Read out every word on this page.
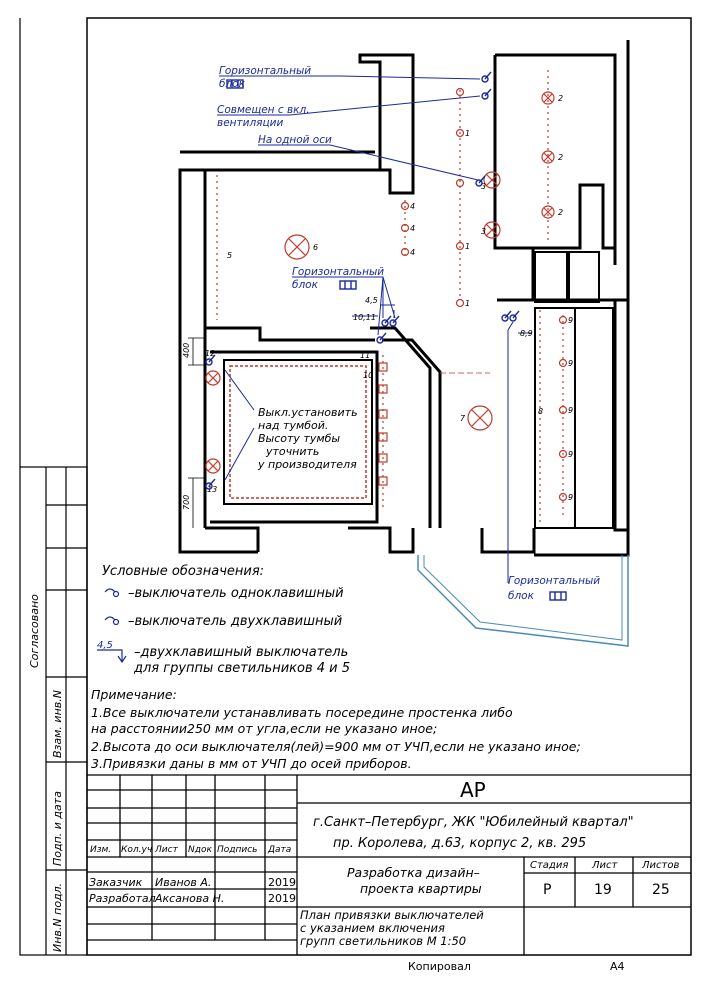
6
7
5
3
3
2
2
2
4
4
4
1
1
1
8
9
9
9
9
9
12
13
11
10
Горизонтальный
блок
Совмещен с вкл.
вентиляции
На одной оси
Горизонтальный
блок
Горизонтальный
блок
Выкл.установить
над тумбой.
Высоту тумбы
уточнить
у производителя
400
700
4,5
10,11
8,9
Условные обозначения:
–выключатель одноклавишный
–выключатель двухклавишный
4,5 –двухклавишный выключатель
для группы светильников 4 и 5
Примечание:
1.Все выключатели устанавливать посередине простенка либо
на расстоянии250 мм от угла,если не указано иное;
2.Высота до оси выключателя(лей)=900 мм от УЧП,если не указано иное;
3.Привязки даны в мм от УЧП до осей приборов.
Согласовано
Взам. инв.N
Подп. и дата
Инв.N подл.
АР
г.Санкт–Петербург, ЖК "Юбилейный квартал"
пр. Королева, д.63, корпус 2, кв. 295
Изм. Кол.уч Лист Nдок Подпись Дата
Заказчик Иванов А.	2019
Разработал Аксанова Н.	2019
Разработка дизайн–
проекта квартиры
Стадия Лист Листов
Р	19	25
План привязки выключателей
с указанием включения
групп светильников М 1:50
Копировал	А4
